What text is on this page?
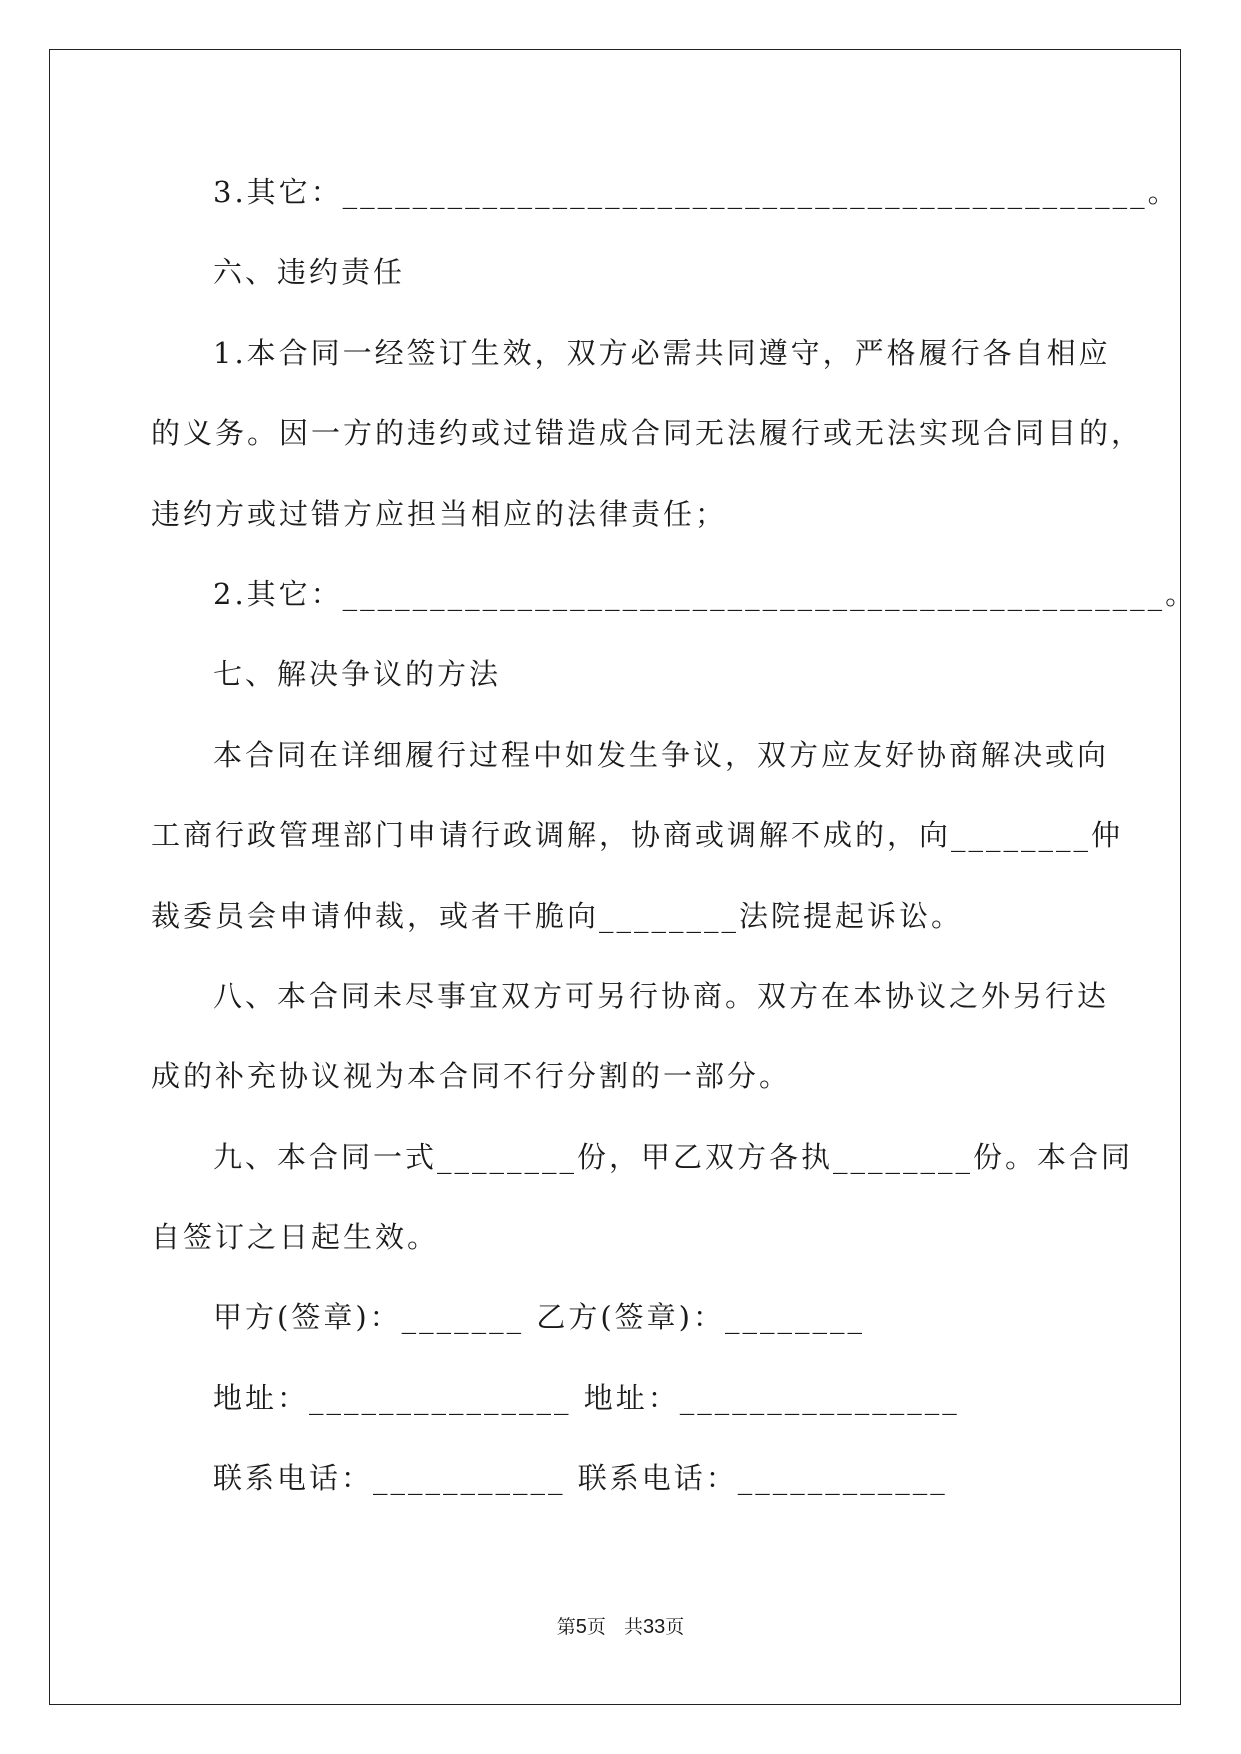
3.其它：______________________________________________。
六、违约责任
1.本合同一经签订生效，双方必需共同遵守，严格履行各自相应
的义务。因一方的违约或过错造成合同无法履行或无法实现合同目的，
违约方或过错方应担当相应的法律责任；
2.其它：_______________________________________________。
七、解决争议的方法
本合同在详细履行过程中如发生争议，双方应友好协商解决或向
工商行政管理部门申请行政调解，协商或调解不成的，向________仲
裁委员会申请仲裁，或者干脆向________法院提起诉讼。
八、本合同未尽事宜双方可另行协商。双方在本协议之外另行达
成的补充协议视为本合同不行分割的一部分。
九、本合同一式________份，甲乙双方各执________份。本合同
自签订之日起生效。
甲方(签章)：_______ 乙方(签章)：________
地址：_______________ 地址：________________
联系电话：___________ 联系电话：____________
第5页 共33页
